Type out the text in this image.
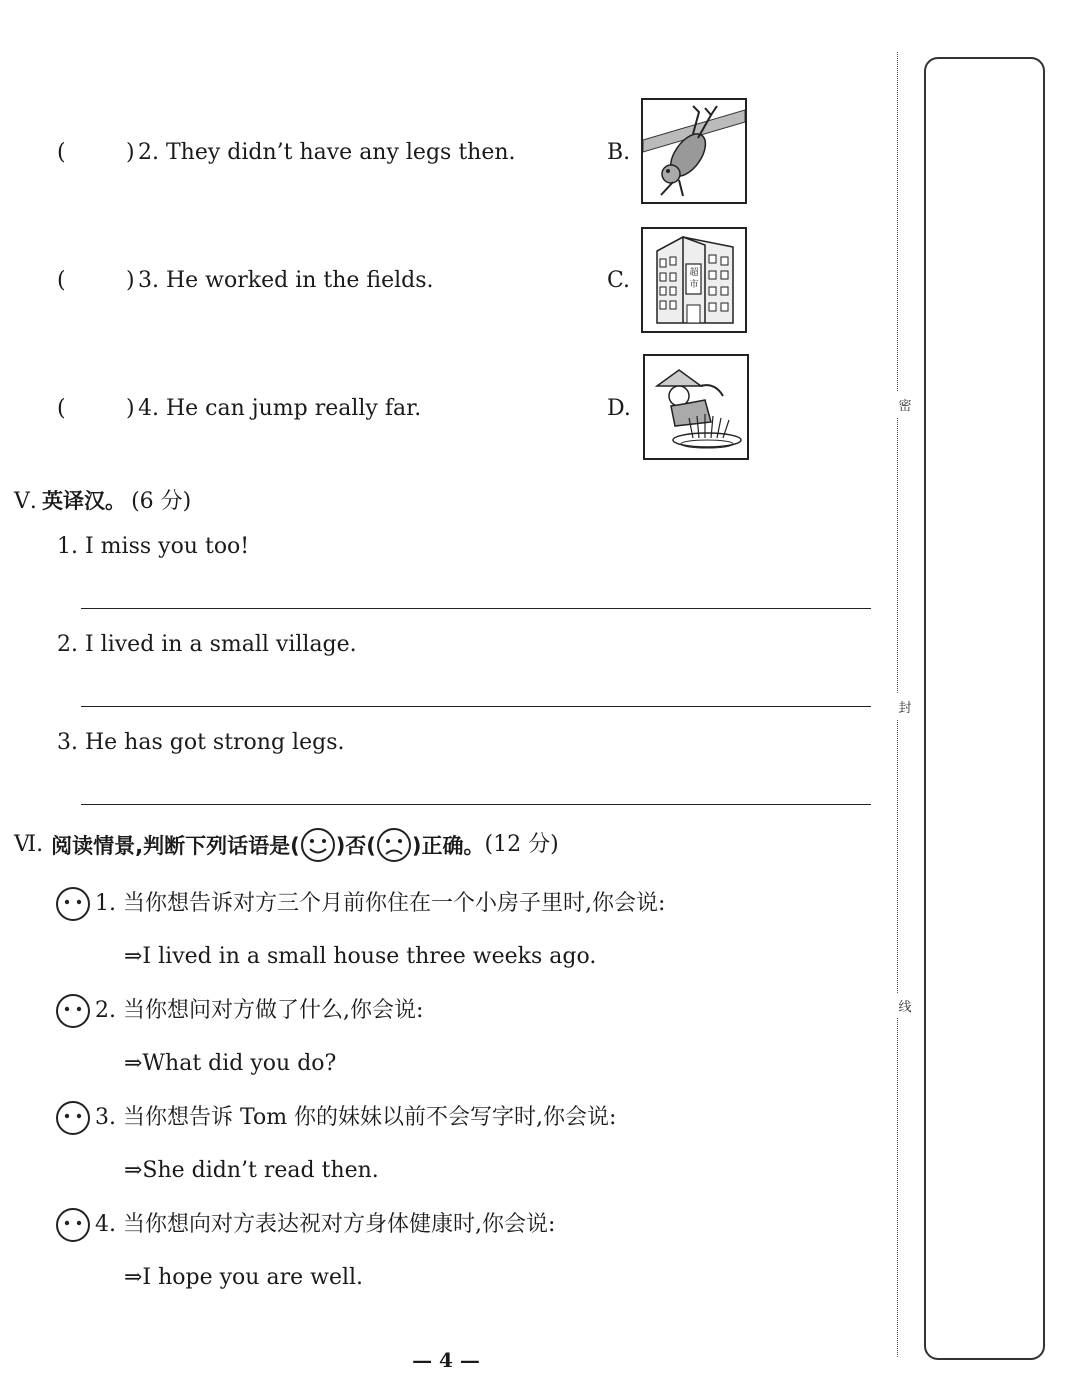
(	) 2. They didn’t have any legs then.	B.
(	) 3. He worked in the fields.	C.
(	) 4. He can jump really far.	D.
超市
Ⅴ. 英译汉。 (6 分)
1. I miss you too!
2. I lived in a small village.
3. He has got strong legs.
Ⅵ. 阅读情景,判断下列话语是( )否( )正确。 (12 分)
1. 当你想告诉对方三个月前你住在一个小房子里时,你会说:
⇒I lived in a small house three weeks ago.
2. 当你想问对方做了什么,你会说:
⇒What did you do?
3. 当你想告诉 Tom 你的妹妹以前不会写字时,你会说:
⇒She didn’t read then.
4. 当你想向对方表达祝对方身体健康时,你会说:
⇒I hope you are well.
— 4 —
密
封
线
